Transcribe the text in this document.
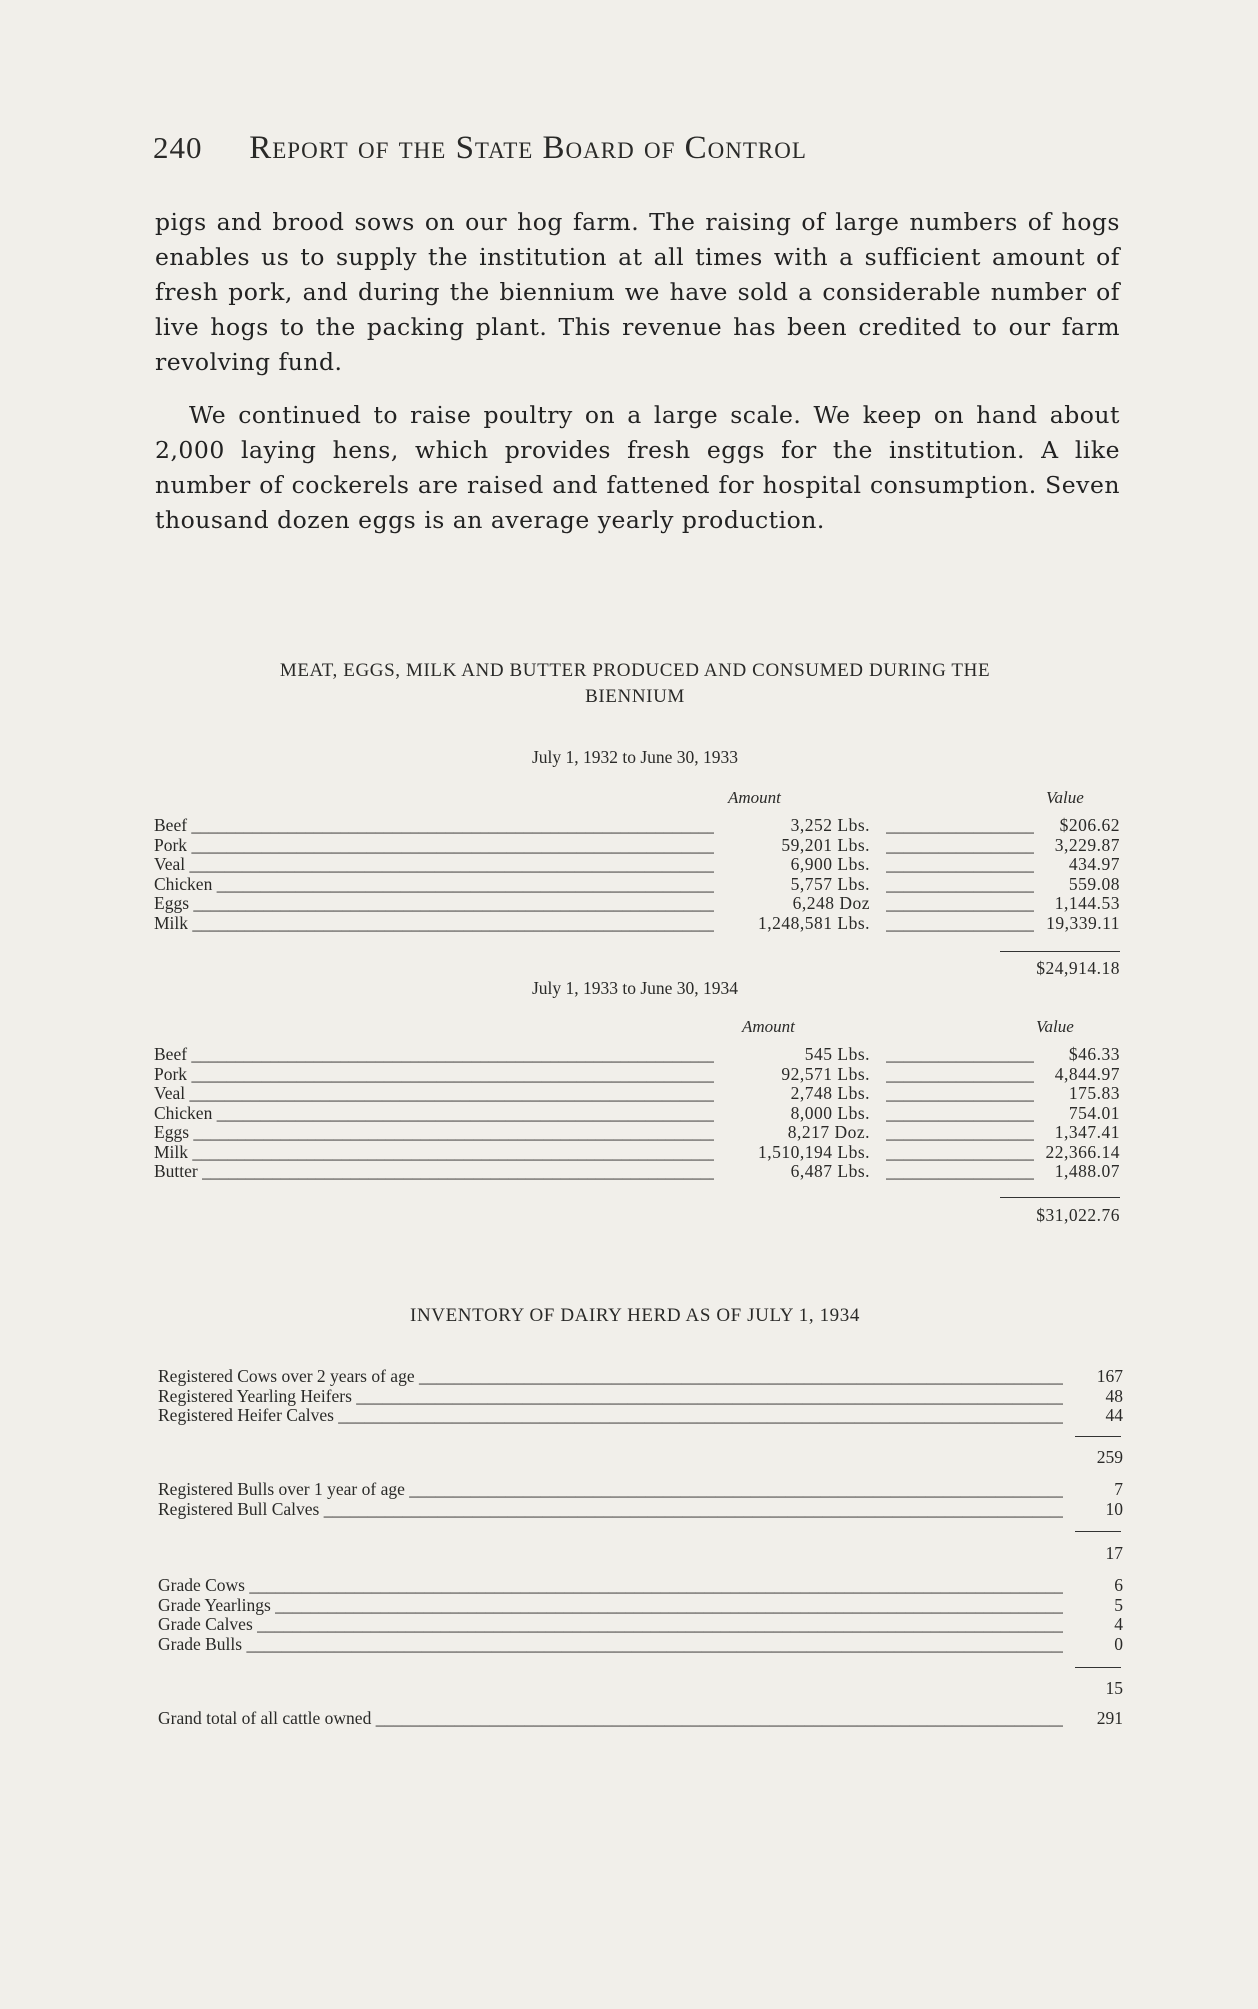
240 Report of the State Board of Control

pigs and brood sows on our hog farm. The raising of large numbers of hogs enables us to supply the institution at all times with a sufficient amount of fresh pork, and during the biennium we have sold a considerable number of live hogs to the packing plant. This revenue has been credited to our farm revolving fund.

We continued to raise poultry on a large scale. We keep on hand about 2,000 laying hens, which provides fresh eggs for the institution. A like number of cockerels are raised and fattened for hospital consumption. Seven thousand dozen eggs is an average yearly production.

MEAT, EGGS, MILK AND BUTTER PRODUCED AND CONSUMED DURING THE
BIENNIUM
July 1, 1932 to June 30, 1933
Amount	Value
Beef _____	3,252 Lbs. _____	$206.62
Pork _____	59,201 Lbs. _____	3,229.87
Veal _____	6,900 Lbs. _____	434.97
Chicken _____	5,757 Lbs. _____	559.08
Eggs _____	6,248 Doz _____	1,144.53
Milk _____	1,248,581 Lbs. _____	19,339.11
$24,914.18
July 1, 1933 to June 30, 1934
Amount	Value
Beef _____	545 Lbs. _____	$46.33
Pork _____	92,571 Lbs. _____	4,844.97
Veal _____	2,748 Lbs. _____	175.83
Chicken _____	8,000 Lbs. _____	754.01
Eggs _____	8,217 Doz. _____	1,347.41
Milk _____	1,510,194 Lbs. _____	22,366.14
Butter _____	6,487 Lbs. _____	1,488.07
$31,022.76
INVENTORY OF DAIRY HERD AS OF JULY 1, 1934
Registered Cows over 2 years of age _____	167
Registered Yearling Heifers _____	48
Registered Heifer Calves _____	44
259
Registered Bulls over 1 year of age _____	7
Registered Bull Calves _____	10
17
Grade Cows _____	6
Grade Yearlings _____	5
Grade Calves _____	4
Grade Bulls _____	0
15
Grand total of all cattle owned _____	291
